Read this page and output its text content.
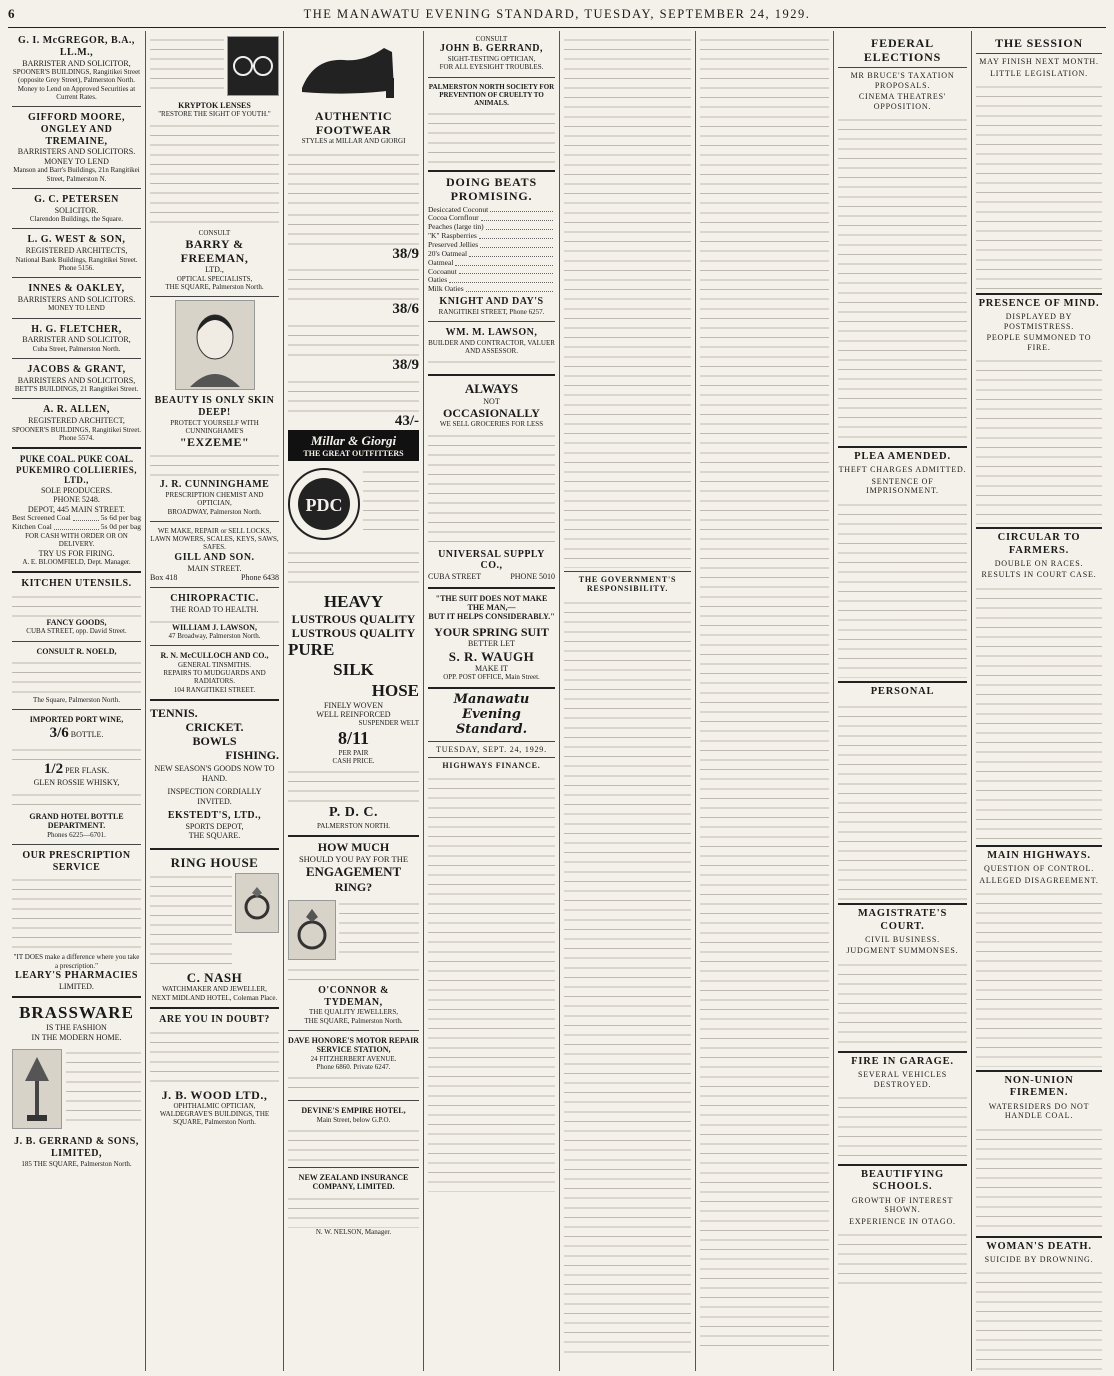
6	THE MANAWATU EVENING STANDARD, TUESDAY, SEPTEMBER 24, 1929.
G. I. McGREGOR, B.A., LL.M.,
BARRISTER AND SOLICITOR,
SPOONER'S BUILDINGS, Rangitikei Street (opposite Grey Street), Palmerston North.
Money to Lend on Approved Securities at Current Rates.
GIFFORD MOORE, ONGLEY AND TREMAINE,
BARRISTERS AND SOLICITORS.
MONEY TO LEND
Manson and Barr's Buildings, 21n Rangitikei Street, Palmerston N.
G. C. PETERSEN
SOLICITOR.
Clarendon Buildings, the Square.
L. G. WEST & SON,
REGISTERED ARCHITECTS,
National Bank Buildings, Rangitikei Street. Phone 5156.
INNES & OAKLEY,
BARRISTERS AND SOLICITORS.
MONEY TO LEND
H. G. FLETCHER,
BARRISTER AND SOLICITOR,
Cuba Street, Palmerston North.
JACOBS & GRANT,
BARRISTERS AND SOLICITORS,
BETT'S BUILDINGS, 21 Rangitikei Street.
A. R. ALLEN,
REGISTERED ARCHITECT,
SPOONER'S BUILDINGS, Rangitikei Street. Phone 5574.
PUKE COAL. PUKE COAL.
PUKEMIRO COLLIERIES, LTD.,
SOLE PRODUCERS.
PHONE 5248.
DEPOT, 445 MAIN STREET.
Best Screened Coal	5s 6d per bag
Kitchen Coal	5s 0d per bag
FOR CASH WITH ORDER OR ON DELIVERY.
TRY US FOR FIRING.
A. E. BLOOMFIELD, Dept. Manager.
KITCHEN UTENSILS.
FANCY GOODS,
CUBA STREET, opp. David Street.
CONSULT R. NOELD,
The Square, Palmerston North.
IMPORTED PORT WINE,
3/6 BOTTLE.
1/2 PER FLASK.
GLEN ROSSIE WHISKY,
GRAND HOTEL BOTTLE DEPARTMENT.
Phones 6225—6701.
OUR PRESCRIPTION SERVICE
"IT DOES make a difference where you take a prescription."
LEARY'S PHARMACIES
LIMITED.
BRASSWARE
IS THE FASHION
IN THE MODERN HOME.
J. B. GERRAND & SONS,
LIMITED,
185 THE SQUARE, Palmerston North.
KRYPTOK LENSES
"RESTORE THE SIGHT OF YOUTH."
CONSULT
BARRY & FREEMAN,
LTD.,
OPTICAL SPECIALISTS,
THE SQUARE, Palmerston North.
BEAUTY IS ONLY SKIN DEEP!
PROTECT YOURSELF WITH CUNNINGHAME'S
"EXZEME"
J. R. CUNNINGHAME
PRESCRIPTION CHEMIST AND OPTICIAN,
BROADWAY, Palmerston North.
WE MAKE, REPAIR or SELL LOCKS, LAWN MOWERS, SCALES, KEYS, SAWS, SAFES.
GILL AND SON.
MAIN STREET.
Box 418	Phone 6438
CHIROPRACTIC.
THE ROAD TO HEALTH.
WILLIAM J. LAWSON,
47 Broadway, Palmerston North.
R. N. McCULLOCH AND CO.,
GENERAL TINSMITHS.
REPAIRS TO MUDGUARDS AND RADIATORS.
104 RANGITIKEI STREET.
TENNIS.
CRICKET.
BOWLS
FISHING.
NEW SEASON'S GOODS NOW TO HAND.
INSPECTION CORDIALLY INVITED.
EKSTEDT'S, LTD.,
SPORTS DEPOT,
THE SQUARE.
RING HOUSE
C. NASH
WATCHMAKER AND JEWELLER,
NEXT MIDLAND HOTEL, Coleman Place.
ARE YOU IN DOUBT?
J. B. WOOD LTD.,
OPHTHALMIC OPTICIAN,
WALDEGRAVE'S BUILDINGS, THE SQUARE, Palmerston North.
AUTHENTIC FOOTWEAR
STYLES at MILLAR AND GIORGI
38/9
38/6
38/9
43/-
Millar & Giorgi
THE GREAT OUTFITTERS
PDC
HEAVY
LUSTROUS QUALITY
LUSTROUS QUALITY
PURE
SILK
HOSE
FINELY WOVEN
WELL REINFORCED
SUSPENDER WELT
8/11
PER PAIR
CASH PRICE.
P. D. C.
PALMERSTON NORTH.
HOW MUCH
SHOULD YOU PAY FOR THE
ENGAGEMENT
RING?
O'CONNOR & TYDEMAN,
THE QUALITY JEWELLERS,
THE SQUARE, Palmerston North.
DAVE HONORE'S MOTOR REPAIR SERVICE STATION,
24 FITZHERBERT AVENUE.
Phone 6860. Private 6247.
DEVINE'S EMPIRE HOTEL,
Main Street, below G.P.O.
NEW ZEALAND INSURANCE COMPANY, LIMITED.
N. W. NELSON, Manager.
CONSULT
JOHN B. GERRAND,
SIGHT-TESTING OPTICIAN,
FOR ALL EYESIGHT TROUBLES.
PALMERSTON NORTH SOCIETY FOR PREVENTION OF CRUELTY TO ANIMALS.
DOING BEATS PROMISING.
Desiccated Coconut
Cocoa Cornflour
Peaches (large tin)
"K" Raspberries
Preserved Jellies
20's Oatmeal
Oatmeal
Cocoanut
Oaties
Milk Oaties
KNIGHT AND DAY'S
RANGITIKEI STREET, Phone 6257.
WM. M. LAWSON,
BUILDER AND CONTRACTOR, VALUER AND ASSESSOR.
ALWAYS
NOT
OCCASIONALLY
WE SELL GROCERIES FOR LESS
UNIVERSAL SUPPLY CO.,
CUBA STREET	PHONE 5010
"THE SUIT DOES NOT MAKE THE MAN,—
BUT IT HELPS CONSIDERABLY."
YOUR SPRING SUIT
BETTER LET
S. R. WAUGH
MAKE IT
OPP. POST OFFICE, Main Street.
Manawatu Evening Standard.
TUESDAY, SEPT. 24, 1929.
HIGHWAYS FINANCE.
THE GOVERNMENT'S RESPONSIBILITY.
FEDERAL ELECTIONS
MR BRUCE'S TAXATION PROPOSALS.
CINEMA THEATRES' OPPOSITION.
PLEA AMENDED.
THEFT CHARGES ADMITTED.
SENTENCE OF IMPRISONMENT.
PERSONAL
MAGISTRATE'S COURT.
CIVIL BUSINESS.
JUDGMENT SUMMONSES.
FIRE IN GARAGE.
SEVERAL VEHICLES DESTROYED.
BEAUTIFYING SCHOOLS.
GROWTH OF INTEREST SHOWN.
EXPERIENCE IN OTAGO.
THE SESSION
MAY FINISH NEXT MONTH.
LITTLE LEGISLATION.
PRESENCE OF MIND.
DISPLAYED BY POSTMISTRESS.
PEOPLE SUMMONED TO FIRE.
CIRCULAR TO FARMERS.
DOUBLE ON RACES.
RESULTS IN COURT CASE.
MAIN HIGHWAYS.
QUESTION OF CONTROL.
ALLEGED DISAGREEMENT.
NON-UNION FIREMEN.
WATERSIDERS DO NOT HANDLE COAL.
WOMAN'S DEATH.
SUICIDE BY DROWNING.
